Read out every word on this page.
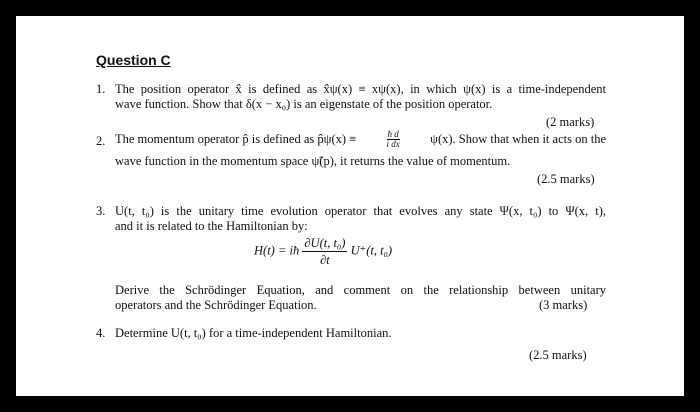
Question C
1. The position operator x̂ is defined as x̂ψ(x) ≡ xψ(x), in which ψ(x) is a time-independent
wave function. Show that δ(x − x₀) is an eigenstate of the position operator.
(2 marks)
2. The momentum operator p̂ is defined as p̂ψ(x) ≡	$\frac{\text{ħ d}}{\text{i dx}} \psi(x)$. Show that when it acts on the
wave function in the momentum space ψ̃(p), it returns the value of momentum.
(2.5 marks)
3. U(t, t₀) is the unitary time evolution operator that evolves any state Ψ(x, t₀) to Ψ(x, t),
and it is related to the Hamiltonian by:
H(t) = iħ $\frac{\text{∂U(t, t₀)}}{\partial t} U^+(t$, t₀)
Derive the Schrödinger Equation, and comment on the relationship between unitary
operators and the Schrödinger Equation.	(3 marks)
4. Determine U(t, t₀) for a time-independent Hamiltonian.
(2.5 marks)
